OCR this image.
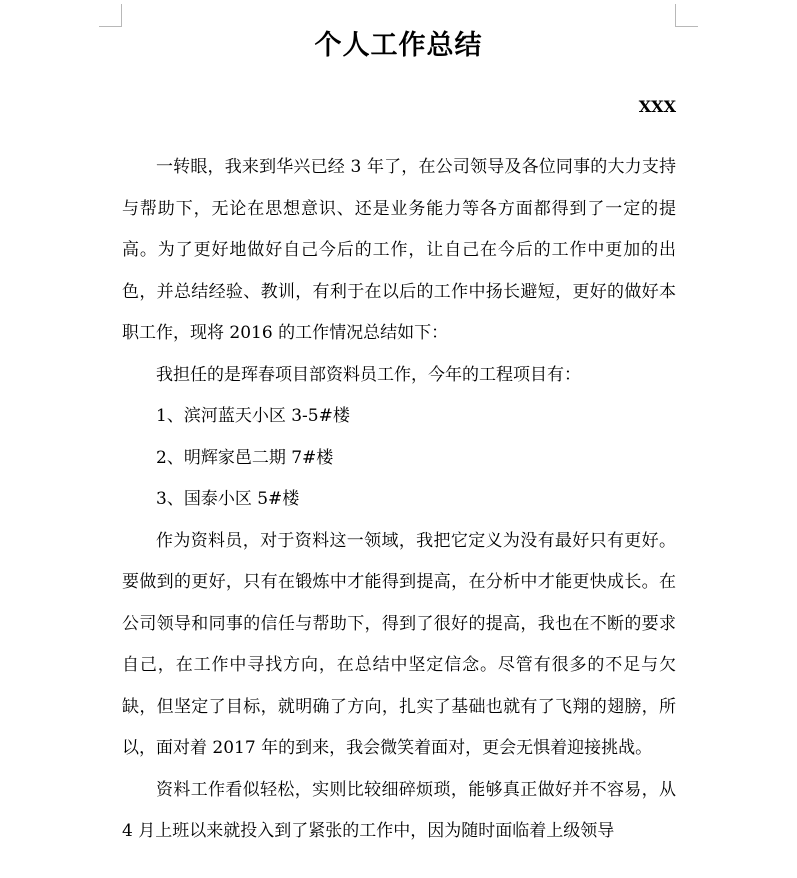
个人工作总结
XXX

一转眼，我来到华兴已经 3 年了，在公司领导及各位同事的大力支持与帮助下，无论在思想意识、还是业务能力等各方面都得到了一定的提高。为了更好地做好自己今后的工作，让自己在今后的工作中更加的出色，并总结经验、教训，有利于在以后的工作中扬长避短，更好的做好本职工作，现将 2016 的工作情况总结如下：

我担任的是珲春项目部资料员工作，今年的工程项目有：

1、滨河蓝天小区 3-5#楼

2、明辉家邑二期 7#楼

3、国泰小区 5#楼

作为资料员，对于资料这一领域，我把它定义为没有最好只有更好。要做到的更好，只有在锻炼中才能得到提高，在分析中才能更快成长。在公司领导和同事的信任与帮助下，得到了很好的提高，我也在不断的要求自己，在工作中寻找方向，在总结中坚定信念。尽管有很多的不足与欠缺，但坚定了目标，就明确了方向，扎实了基础也就有了飞翔的翅膀，所以，面对着 2017 年的到来，我会微笑着面对，更会无惧着迎接挑战。

资料工作看似轻松，实则比较细碎烦琐，能够真正做好并不容易，从 4 月上班以来就投入到了紧张的工作中，因为随时面临着上级领导
